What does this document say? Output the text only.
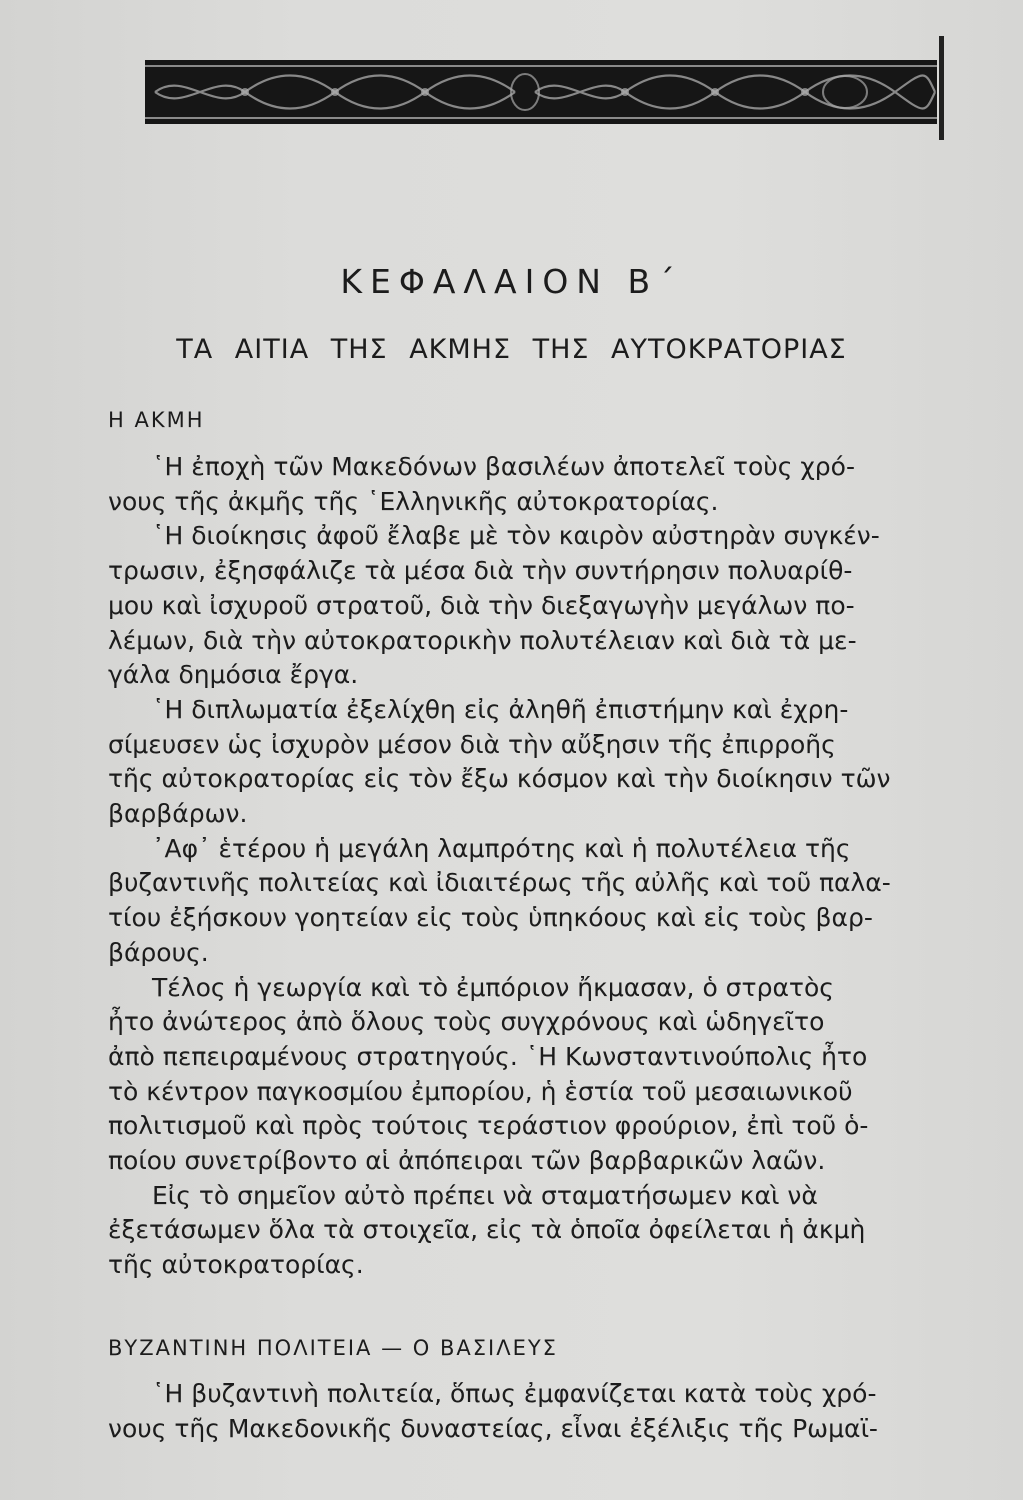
ΚΕΦΑΛΑΙΟΝ Β΄
ΤΑ ΑΙΤΙΑ ΤΗΣ ΑΚΜΗΣ ΤΗΣ ΑΥΤΟΚΡΑΤΟΡΙΑΣ
Η ΑΚΜΗ
῾Η ἐποχὴ τῶν Μακεδόνων βασιλέων ἀποτελεῖ τοὺς χρό-
νους τῆς ἀκμῆς τῆς ῾Ελληνικῆς αὐτοκρατορίας.
῾Η διοίκησις ἀφοῦ ἔλαβε μὲ τὸν καιρὸν αὐστηρὰν συγκέν-
τρωσιν, ἐξησφάλιζε τὰ μέσα διὰ τὴν συντήρησιν πολυαρίθ-
μου καὶ ἰσχυροῦ στρατοῦ, διὰ τὴν διεξαγωγὴν μεγάλων πο-
λέμων, διὰ τὴν αὐτοκρατορικὴν πολυτέλειαν καὶ διὰ τὰ με-
γάλα δημόσια ἔργα.
῾Η διπλωματία ἐξελίχθη εἰς ἀληθῆ ἐπιστήμην καὶ ἐχρη-
σίμευσεν ὡς ἰσχυρὸν μέσον διὰ τὴν αὔξησιν τῆς ἐπιρροῆς
τῆς αὐτοκρατορίας εἰς τὸν ἔξω κόσμον καὶ τὴν διοίκησιν τῶν
βαρβάρων.
᾽Αφ᾽ ἑτέρου ἡ μεγάλη λαμπρότης καὶ ἡ πολυτέλεια τῆς
βυζαντινῆς πολιτείας καὶ ἰδιαιτέρως τῆς αὐλῆς καὶ τοῦ παλα-
τίου ἐξήσκουν γοητείαν εἰς τοὺς ὑπηκόους καὶ εἰς τοὺς βαρ-
βάρους.
Τέλος ἡ γεωργία καὶ τὸ ἐμπόριον ἤκμασαν, ὁ στρατὸς
ἦτο ἀνώτερος ἀπὸ ὅλους τοὺς συγχρόνους καὶ ὡδηγεῖτο
ἀπὸ πεπειραμένους στρατηγούς. ῾Η Κωνσταντινούπολις ἦτο
τὸ κέντρον παγκοσμίου ἐμπορίου, ἡ ἑστία τοῦ μεσαιωνικοῦ
πολιτισμοῦ καὶ πρὸς τούτοις τεράστιον φρούριον, ἐπὶ τοῦ ὁ-
ποίου συνετρίβοντο αἱ ἀπόπειραι τῶν βαρβαρικῶν λαῶν.
Εἰς τὸ σημεῖον αὐτὸ πρέπει νὰ σταματήσωμεν καὶ νὰ
ἐξετάσωμεν ὅλα τὰ στοιχεῖα, εἰς τὰ ὁποῖα ὀφείλεται ἡ ἀκμὴ
τῆς αὐτοκρατορίας.
ΒΥΖΑΝΤΙΝΗ ΠΟΛΙΤΕΙΑ — Ο ΒΑΣΙΛΕΥΣ
῾Η βυζαντινὴ πολιτεία, ὅπως ἐμφανίζεται κατὰ τοὺς χρό-
νους τῆς Μακεδονικῆς δυναστείας, εἶναι ἐξέλιξις τῆς Ρωμαϊ-
